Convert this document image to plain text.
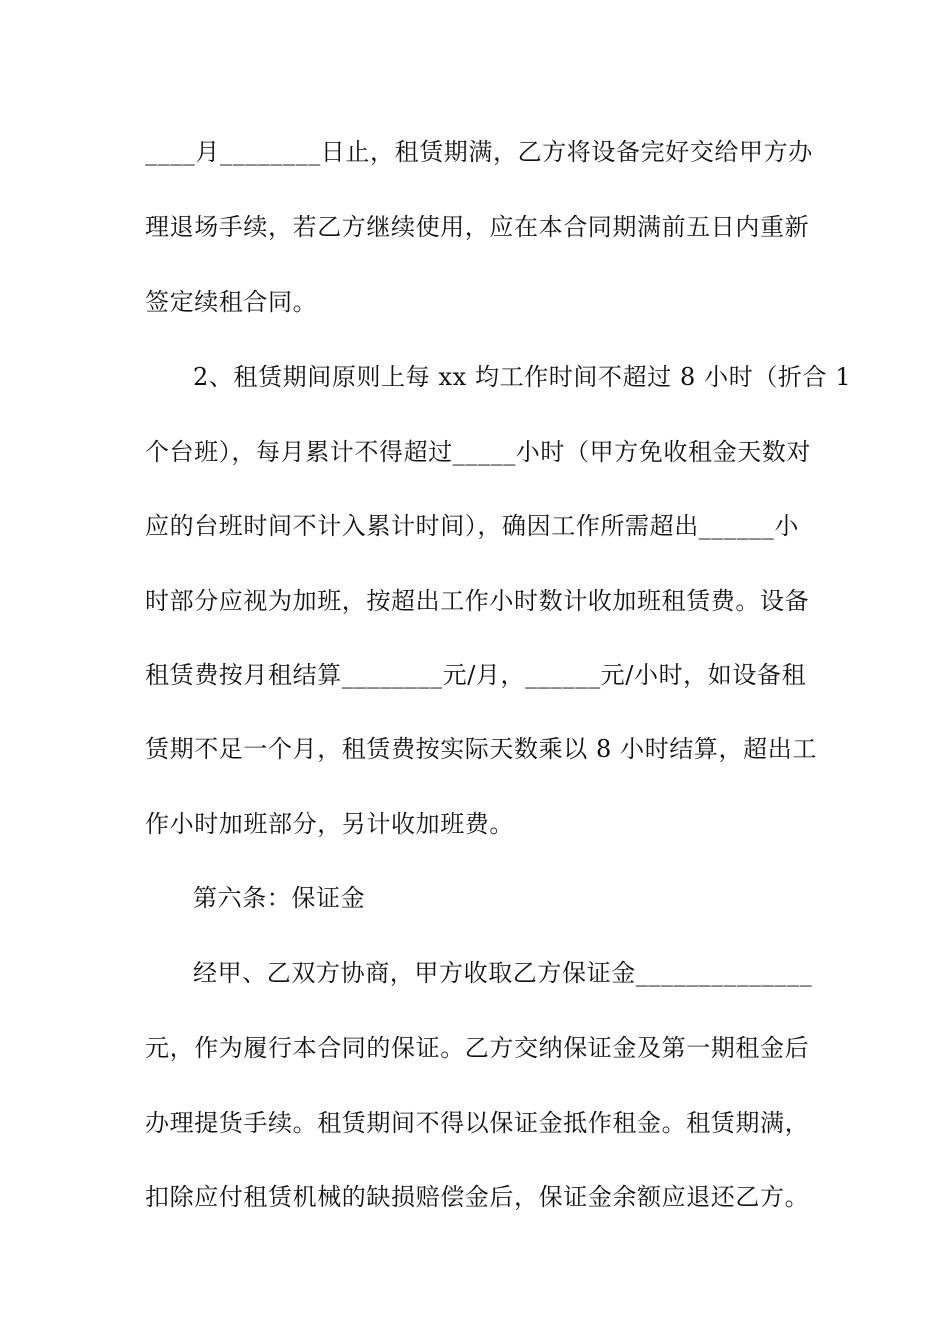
____月________日止，租赁期满，乙方将设备完好交给甲方办
理退场手续，若乙方继续使用，应在本合同期满前五日内重新
签定续租合同。
2、租赁期间原则上每 xx 均工作时间不超过 8 小时（折合 1
个台班），每月累计不得超过_____小时（甲方免收租金天数对
应的台班时间不计入累计时间），确因工作所需超出______小
时部分应视为加班，按超出工作小时数计收加班租赁费。设备
租赁费按月租结算________元/月，______元/小时，如设备租
赁期不足一个月，租赁费按实际天数乘以 8 小时结算，超出工
作小时加班部分，另计收加班费。
第六条：保证金
经甲、乙双方协商，甲方收取乙方保证金______________
元，作为履行本合同的保证。乙方交纳保证金及第一期租金后
办理提货手续。租赁期间不得以保证金抵作租金。租赁期满，
扣除应付租赁机械的缺损赔偿金后，保证金余额应退还乙方。
